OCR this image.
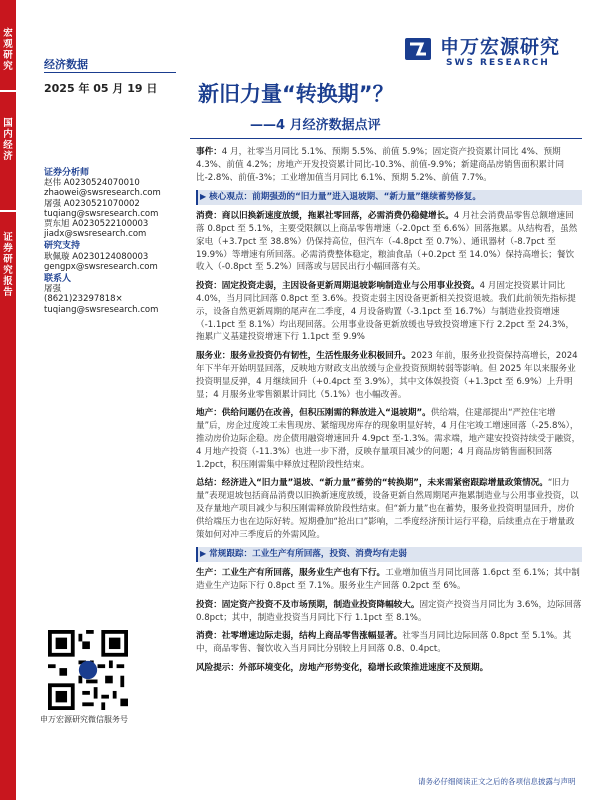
宏观研究
国内经济
证券研究报告
申万宏源研究
SWS RESEARCH
经济数据
2025 年 05 月 19 日 新旧力量“转换期”？
——4 月经济数据点评
证券分析师
赵伟 A0230524070010
zhaowei@swsresearch.com
屠强 A0230521070002
tuqiang@swsresearch.com
贾东旭 A0230522100003
jiadx@swsresearch.com
研究支持
耿佩璇 A0230124080003
gengpx@swsresearch.com
联系人
屠强
(8621)23297818×
tuqiang@swsresearch.com
申万宏源研究微信服务号
事件：4 月，社零当月同比 5.1%、预期 5.5%、前值 5.9%；固定资产投资累计同比 4%、预期 4.3%、前值 4.2%；房地产开发投资累计同比-10.3%、前值-9.9%；新建商品房销售面积累计同比-2.8%、前值-3%；工业增加值当月同比 6.1%、预期 5.2%、前值 7.7%。
▶ 核心观点：前期强劲的“旧力量”进入退坡期、“新力量”继续蓄势修复。
消费：商以旧换新速度放缓，拖累社零回落，必需消费仍稳健增长。4 月社会消费品零售总额增速回落 0.8pct 至 5.1%，主要受限额以上商品零售增速（-2.0pct 至 6.6%）回落拖累。从结构看，虽然家电（+3.7pct 至 38.8%）仍保持高位，但汽车（-4.8pct 至 0.7%）、通讯器材（-8.7pct 至 19.9%）等增速有所回落。必需消费整体稳定，粮油食品（+0.2pct 至 14.0%）保持高增长；餐饮收入（-0.8pct 至 5.2%）回落或与居民出行小幅回落有关。
投资：固定投资走弱，主因设备更新周期退坡影响制造业与公用事业投资。4 月固定投资累计同比 4.0%，当月同比回落 0.8pct 至 3.6%。投资走弱主因设备更新相关投资退坡。我们此前领先指标提示，设备自然更新周期的尾声在二季度，4 月设备购置（-3.1pct 至 16.7%）与制造业投资增速（-1.1pct 至 8.1%）均出现回落。公用事业设备更新放缓也导致投资增速下行 2.2pct 至 24.3%，拖累广义基建投资增速下行 1.1pct 至 9.9%
服务业：服务业投资仍有韧性，生活性服务业积极回升。2023 年前，服务业投资保持高增长，2024 年下半年开始明显回落，反映地方财政支出放缓与企业投资预期转弱等影响。但 2025 年以来服务业投资明显反弹，4 月继续回升（+0.4pct 至 3.9%），其中文体娱投资（+1.3pct 至 6.9%）上升明显；4 月服务业零售额累计同比（5.1%）也小幅改善。
地产：供给问题仍在改善，但积压刚需的释放进入“退坡期”。供给端，住建部提出“严控住宅增量”后，房企过度竣工未售现房、紧缩现房库存的现象明显好转，4 月住宅竣工增速回落（-25.8%），推动房价边际企稳。房企债用融资增速回升 4.9pct 至-1.3%。需求端，地产建安投资持续受于融资，4 月地产投资（-11.3%）也进一步下滑，反映存量项目减少的问题；4 月商品房销售面积回落 1.2pct，积压刚需集中释放过程阶段性结束。
总结：经济进入“旧力量”退坡、“新力量”蓄势的“转换期”，未来需紧密跟踪增量政策情况。“旧力量”表现退坡包括商品消费以旧换新速度放缓，设备更新自然周期尾声拖累制造业与公用事业投资，以及存量地产项目减少与积压刚需释放阶段性结束。但“新力量”也在蓄势，服务业投资明显回升，房价供给端压力也在边际好转。短期叠加“抢出口”影响，二季度经济预计运行平稳，后续重点在于增量政策如何对冲三季度后的外需风险。
▶ 常规跟踪：工业生产有所回落，投资、消费均有走弱
生产：工业生产有所回落，服务业生产也有下行。工业增加值当月同比回落 1.6pct 至 6.1%；其中制造业生产边际下行 0.8pct 至 7.1%。服务业生产回落 0.2pct 至 6%。
投资：固定资产投资不及市场预期，制造业投资降幅较大。固定资产投资当月同比为 3.6%，边际回落 0.8pct；其中，制造业投资当月同比下行 1.1pct 至 8.1%。
消费：社零增速边际走弱，结构上商品零售涨幅显著。社零当月同比边际回落 0.8pct 至 5.1%。其中，商品零售、餐饮收入当月同比分别较上月回落 0.8、0.4pct。
风险提示：外部环境变化，房地产形势变化，稳增长政策推进速度不及预期。
请务必仔细阅读正文之后的各项信息披露与声明
